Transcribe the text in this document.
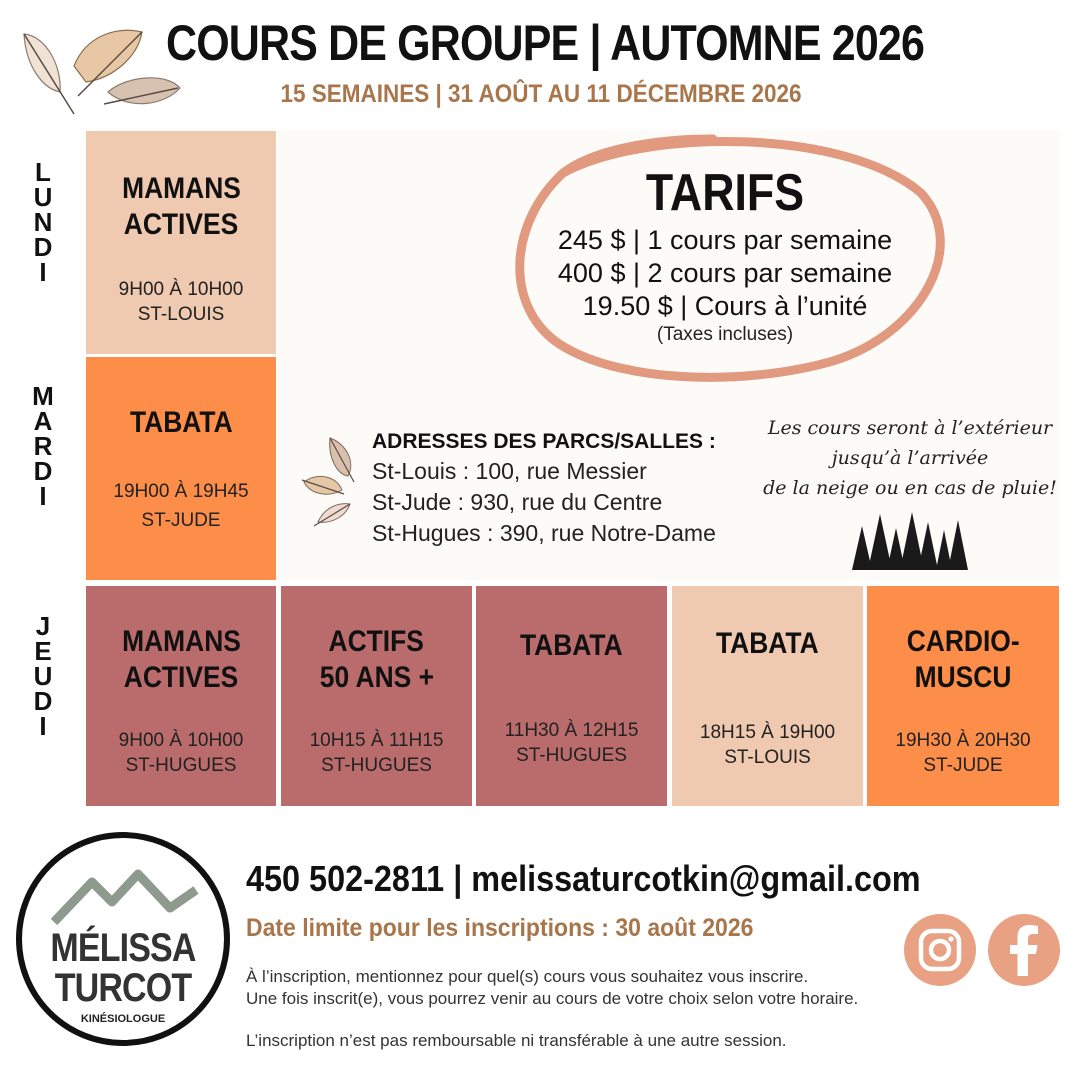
COURS DE GROUPE | AUTOMNE 2026
15 SEMAINES | 31 AOÛT AU 11 DÉCEMBRE 2026
L
U
N
D
I
M
A
R
D
I
J
E
U
D
I
MAMANS
ACTIVES
9H00 À 10H00
ST-LOUIS
TABATA
19H00 À 19H45
ST-JUDE
MAMANS
ACTIVES
9H00 À 10H00
ST-HUGUES
ACTIFS
50 ANS +
10H15 À 11H15
ST-HUGUES
TABATA
11H30 À 12H15
ST-HUGUES
TABATA
18H15 À 19H00
ST-LOUIS
CARDIO-
MUSCU
19H30 À 20H30
ST-JUDE
TARIFS
245 $ | 1 cours par semaine
400 $ | 2 cours par semaine
19.50 $ | Cours à l’unité
(Taxes incluses)
ADRESSES DES PARCS/SALLES :
St-Louis : 100, rue Messier
St-Jude : 930, rue du Centre
St-Hugues : 390, rue Notre-Dame
Les cours seront à l’extérieur
jusqu’à l’arrivée
de la neige ou en cas de pluie!
MÉLISSA
TURCOT
KINÉSIOLOGUE
450 502-2811 | melissaturcotkin@gmail.com
Date limite pour les inscriptions : 30 août 2026
À l’inscription, mentionnez pour quel(s) cours vous souhaitez vous inscrire.
Une fois inscrit(e), vous pourrez venir au cours de votre choix selon votre horaire.
L’inscription n’est pas remboursable ni transférable à une autre session.
